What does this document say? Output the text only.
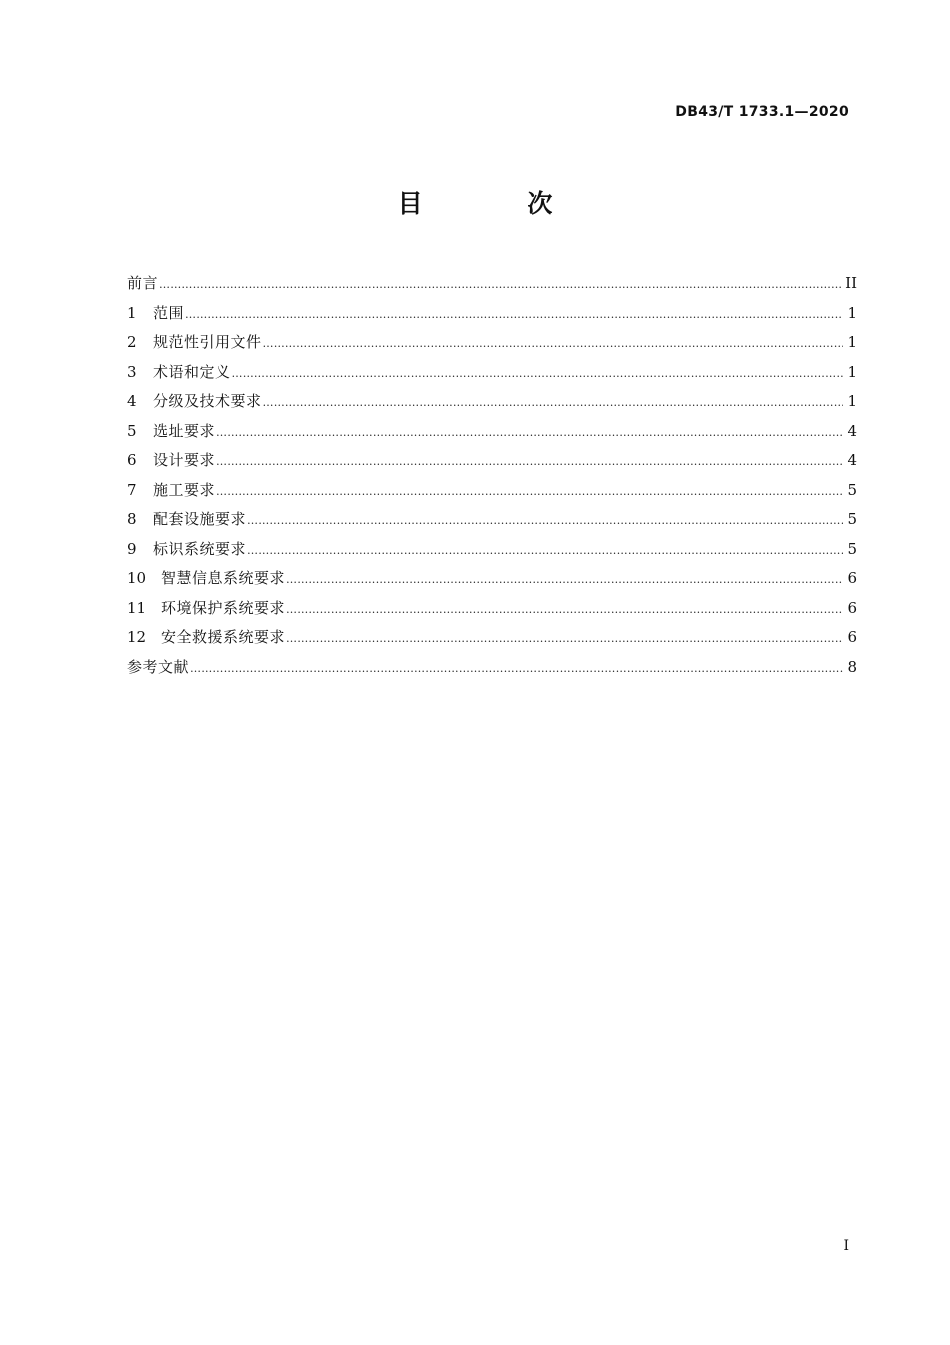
DB43/T 1733.1—2020
目 次
前言 ……………………………………………………………………………………………………………………………………………………………………………………………………………………	II
1	范围 ……………………………………………………………………………………………………………………………………………………………………………………………………………………	1
2	规范性引用文件 ……………………………………………………………………………………………………………………………………………………………………………………………………………………	1
3	术语和定义 ……………………………………………………………………………………………………………………………………………………………………………………………………………………	1
4	分级及技术要求 ……………………………………………………………………………………………………………………………………………………………………………………………………………………	1
5	选址要求 ……………………………………………………………………………………………………………………………………………………………………………………………………………………	4
6	设计要求 ……………………………………………………………………………………………………………………………………………………………………………………………………………………	4
7	施工要求 ……………………………………………………………………………………………………………………………………………………………………………………………………………………	5
8	配套设施要求 ……………………………………………………………………………………………………………………………………………………………………………………………………………………	5
9	标识系统要求 ……………………………………………………………………………………………………………………………………………………………………………………………………………………	5
10 智慧信息系统要求 ……………………………………………………………………………………………………………………………………………………………………………………………………………………	6
11 环境保护系统要求 ……………………………………………………………………………………………………………………………………………………………………………………………………………………	6
12 安全救援系统要求 ……………………………………………………………………………………………………………………………………………………………………………………………………………………	6
参考文献 ……………………………………………………………………………………………………………………………………………………………………………………………………………………	8
I
